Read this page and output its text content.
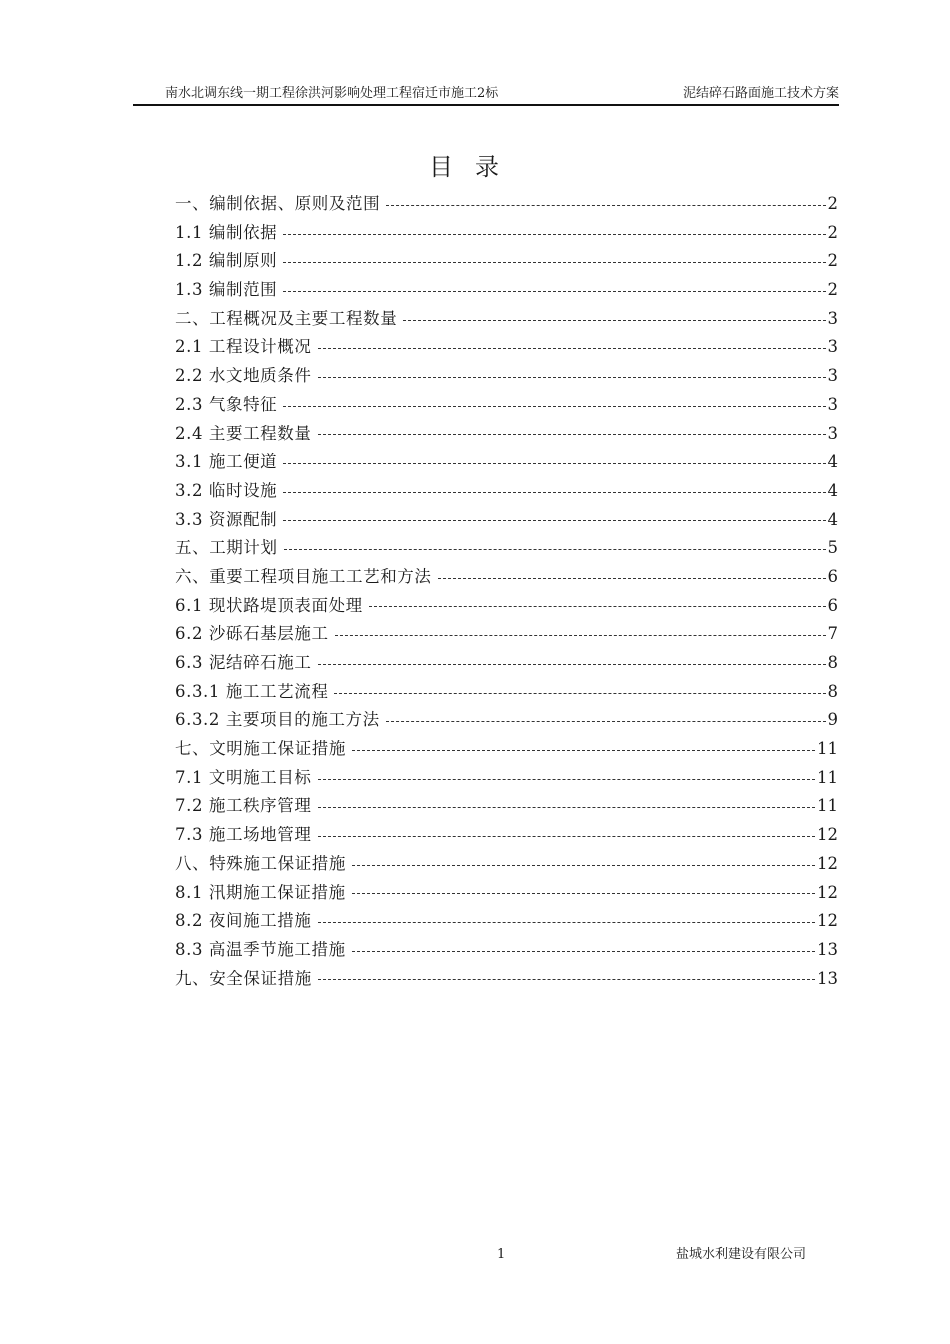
南水北调东线一期工程徐洪河影响处理工程宿迁市施工2标	泥结碎石路面施工技术方案
目录
一、编制依据、原则及范围	2
1.1 编制依据	2
1.2 编制原则	2
1.3 编制范围	2
二、工程概况及主要工程数量	3
2.1 工程设计概况	3
2.2 水文地质条件	3
2.3 气象特征	3
2.4 主要工程数量	3
3.1 施工便道	4
3.2 临时设施	4
3.3 资源配制	4
五、工期计划	5
六、重要工程项目施工工艺和方法	6
6.1 现状路堤顶表面处理	6
6.2 沙砾石基层施工	7
6.3 泥结碎石施工	8
6.3.1 施工工艺流程	8
6.3.2 主要项目的施工方法	9
七、文明施工保证措施	11
7.1 文明施工目标	11
7.2 施工秩序管理	11
7.3 施工场地管理	12
八、特殊施工保证措施	12
8.1 汛期施工保证措施	12
8.2 夜间施工措施	12
8.3 高温季节施工措施	13
九、安全保证措施	13
1	盐城水利建设有限公司
